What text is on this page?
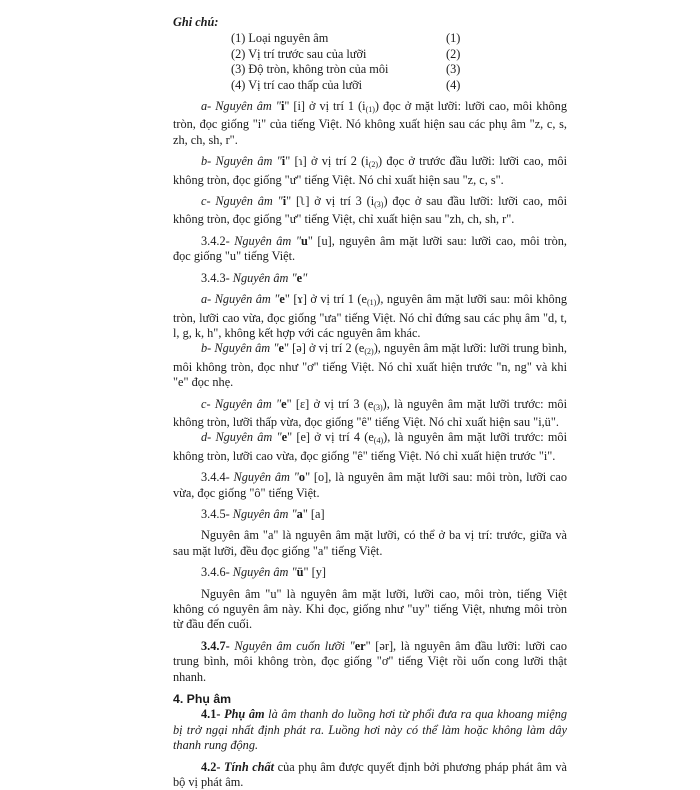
Ghi chú:

(1) Loại nguyên âm	(1)
(2) Vị trí trước sau của lưỡi	(2)
(3) Độ tròn, không tròn của môi	(3)
(4) Vị trí cao thấp của lưỡi	(4)

a- Nguyên âm "i" [i] ở vị trí 1 $(i_{(1)})$ đọc ở mặt lưỡi: lưỡi cao, môi không tròn, đọc giống "i" của tiếng Việt. Nó không xuất hiện sau các phụ âm "z, c, s, zh, ch, sh, r".

b- Nguyên âm "i" [ɿ] ở vị trí 2 $(i_{(2)})$ đọc ở trước đầu lưỡi: lưỡi cao, môi không tròn, đọc giống "ư" tiếng Việt. Nó chỉ xuất hiện sau "z, c, s".

c- Nguyên âm "i" [ʅ] ở vị trí 3 $(i_{(3)})$ đọc ở sau đầu lưỡi: lưỡi cao, môi không tròn, đọc giống "ư" tiếng Việt, chỉ xuất hiện sau "zh, ch, sh, r".

3.4.2- Nguyên âm "u" [u], nguyên âm mặt lưỡi sau: lưỡi cao, môi tròn, đọc giống "u" tiếng Việt.

3.4.3- Nguyên âm "e"

a- Nguyên âm "e" [ɤ] ở vị trí 1 $(e_{(1)})$, nguyên âm mặt lưỡi sau: môi không tròn, lưỡi cao vừa, đọc giống "ưa" tiếng Việt. Nó chỉ đứng sau các phụ âm "d, t, l, g, k, h", không kết hợp với các nguyên âm khác.

b- Nguyên âm "e" [ə] ở vị trí 2 $(e_{(2)})$, nguyên âm mặt lưỡi: lưỡi trung bình, môi không tròn, đọc như "ơ" tiếng Việt. Nó chỉ xuất hiện trước "n, ng" và khi "e" đọc nhẹ.

c- Nguyên âm "e" [ɛ] ở vị trí 3 $(e_{(3)})$, là nguyên âm mặt lưỡi trước: môi không tròn, lưỡi thấp vừa, đọc giống "ê" tiếng Việt. Nó chỉ xuất hiện sau "i,ü".

d- Nguyên âm "e" [e] ở vị trí 4 $(e_{(4)})$, là nguyên âm mặt lưỡi trước: môi không tròn, lưỡi cao vừa, đọc giống "ê" tiếng Việt. Nó chỉ xuất hiện trước "i".

3.4.4- Nguyên âm "o" [o], là nguyên âm mặt lưỡi sau: môi tròn, lưỡi cao vừa, đọc giống "ô" tiếng Việt.

3.4.5- Nguyên âm "a" [a]

Nguyên âm "a" là nguyên âm mặt lưỡi, có thể ở ba vị trí: trước, giữa và sau mặt lưỡi, đều đọc giống "a" tiếng Việt.

3.4.6- Nguyên âm "ü" [y]

Nguyên âm "u" là nguyên âm mặt lưỡi, lưỡi cao, môi tròn, tiếng Việt không có nguyên âm này. Khi đọc, giống như "uy" tiếng Việt, nhưng môi tròn từ đầu đến cuối.

3.4.7- Nguyên âm cuốn lưỡi "er" [ər], là nguyên âm đầu lưỡi: lưỡi cao trung bình, môi không tròn, đọc giống "ơ" tiếng Việt rồi uốn cong lưỡi thật nhanh.

4. Phụ âm

4.1- Phụ âm là âm thanh do luồng hơi từ phổi đưa ra qua khoang miệng bị trở ngại nhất định phát ra. Luồng hơi này có thể làm hoặc không làm dây thanh rung động.

4.2- Tính chất của phụ âm được quyết định bởi phương pháp phát âm và bộ vị phát âm.
